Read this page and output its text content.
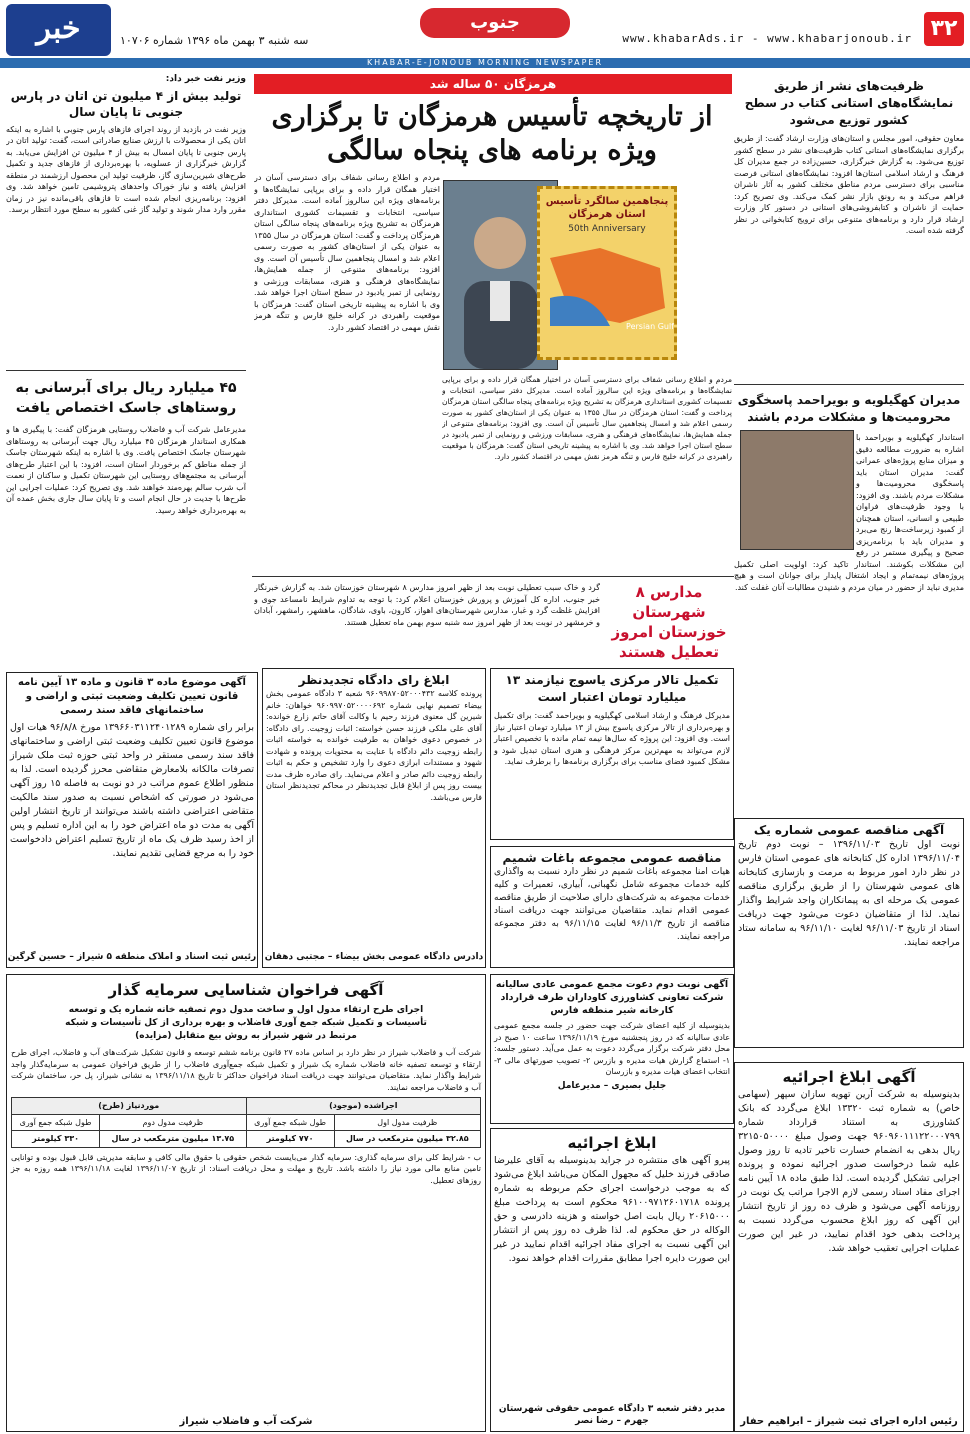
۳۲
www.khabarAds.ir - www.khabarjonoub.ir
جنوب
سه شنبه ۳ بهمن ماه ۱۳۹۶ شماره ۱۰۷۰۶
خبر
KHABAR-E-JONOUB MORNING NEWSPAPER
ظرفیت‌های نشر از طریق نمایشگاه‌های استانی کتاب در سطح کشور توزیع می‌شود

معاون حقوقی، امور مجلس و استان‌های وزارت ارشاد گفت: از طریق برگزاری نمایشگاه‌های استانی کتاب ظرفیت‌های نشر در سطح کشور توزیع می‌شود. به گزارش خبرگزاری، حسین‌زاده در جمع مدیران کل فرهنگ و ارشاد اسلامی استان‌ها افزود: نمایشگاه‌های استانی فرصت مناسبی برای دسترسی مردم مناطق مختلف کشور به آثار ناشران فراهم می‌کند و به رونق بازار نشر کمک می‌کند. وی تصریح کرد: حمایت از ناشران و کتابفروشی‌های استانی در دستور کار وزارت ارشاد قرار دارد و برنامه‌های متنوعی برای ترویج کتابخوانی در نظر گرفته شده است.

مدیران کهگیلویه و بویراحمد پاسخگوی محرومیت‌ها و مشکلات مردم باشند

استاندار کهگیلویه و بویراحمد با اشاره به ضرورت مطالعه دقیق و میزان منابع پروژه‌های عمرانی گفت: مدیران استان باید پاسخگوی محرومیت‌ها و مشکلات مردم باشند. وی افزود: با وجود ظرفیت‌های فراوان طبیعی و انسانی، استان همچنان از کمبود زیرساخت‌ها رنج می‌برد و مدیران باید با برنامه‌ریزی صحیح و پیگیری مستمر در رفع این مشکلات بکوشند. استاندار تاکید کرد: اولویت اصلی تکمیل پروژه‌های نیمه‌تمام و ایجاد اشتغال پایدار برای جوانان است و هیچ مدیری نباید از حضور در میان مردم و شنیدن مطالبات آنان غفلت کند.

آگهی مناقصه عمومی شماره یک

نوبت اول تاریخ ۱۳۹۶/۱۱/۰۳ – نوبت دوم تاریخ ۱۳۹۶/۱۱/۰۴ اداره کل کتابخانه های عمومی استان فارس در نظر دارد امور مربوط به مرمت و بازسازی کتابخانه های عمومی شهرستان را از طریق برگزاری مناقصه عمومی یک مرحله ای به پیمانکاران واجد شرایط واگذار نماید. لذا از متقاضیان دعوت می‌شود جهت دریافت اسناد از تاریخ ۹۶/۱۱/۰۳ لغایت ۹۶/۱۱/۱۰ به سامانه ستاد مراجعه نمایند.

آگهی ابلاغ اجرائیه

بدینوسیله به شرکت آرین تهویه سازان سپهر (سهامی خاص) به شماره ثبت ۱۳۳۲۰ ابلاغ می‌گردد که بانک کشاورزی به استناد قرارداد شماره ۹۶۰۹۶۰۱۱۱۲۲۰۰۰۷۹۹ جهت وصول مبلغ ۳۲۱۵۰۵۰۰۰۰ ریال بدهی به انضمام خسارت تاخیر تادیه تا روز وصول علیه شما درخواست صدور اجرائیه نموده و پرونده اجرایی تشکیل گردیده است. لذا طبق ماده ۱۸ آیین نامه اجرای مفاد اسناد رسمی لازم الاجرا مراتب یک نوبت در روزنامه آگهی می‌شود و ظرف ده روز از تاریخ انتشار این آگهی که روز ابلاغ محسوب می‌گردد نسبت به پرداخت بدهی خود اقدام نمایید، در غیر این صورت عملیات اجرایی تعقیب خواهد شد.

رئیس اداره اجرای ثبت شیراز – ابراهیم حفار
هرمزگان ۵۰ ساله شد
از تاریخچه تأسیس هرمزگان تا برگزاری ویژه برنامه های پنجاه سالگی

مردم و اطلاع رسانی شفاف برای دسترسی آسان در اختیار همگان قرار داده و برای برپایی نمایشگاه‌ها و برنامه‌های ویژه این سالروز آماده است. مدیرکل دفتر سیاسی، انتخابات و تقسیمات کشوری استانداری هرمزگان به تشریح ویژه برنامه‌های پنجاه سالگی استان هرمزگان پرداخت و گفت: استان هرمزگان در سال ۱۳۵۵ به عنوان یکی از استان‌های کشور به صورت رسمی اعلام شد و امسال پنجاهمین سال تأسیس آن است. وی افزود: برنامه‌های متنوعی از جمله همایش‌ها، نمایشگاه‌های فرهنگی و هنری، مسابقات ورزشی و رونمایی از تمبر یادبود در سطح استان اجرا خواهد شد. وی با اشاره به پیشینه تاریخی استان گفت: هرمزگان با موقعیت راهبردی در کرانه خلیج فارس و تنگه هرمز نقش مهمی در اقتصاد کشور دارد.

پنجاهمین سالگرد تأسیس استان هرمزگان
50th Anniversary
Persian Gulf

مردم و اطلاع رسانی شفاف برای دسترسی آسان در اختیار همگان قرار داده و برای برپایی نمایشگاه‌ها و برنامه‌های ویژه این سالروز آماده است. مدیرکل دفتر سیاسی، انتخابات و تقسیمات کشوری استانداری هرمزگان به تشریح ویژه برنامه‌های پنجاه سالگی استان هرمزگان پرداخت و گفت: استان هرمزگان در سال ۱۳۵۵ به عنوان یکی از استان‌های کشور به صورت رسمی اعلام شد و امسال پنجاهمین سال تأسیس آن است. وی افزود: برنامه‌های متنوعی از جمله همایش‌ها، نمایشگاه‌های فرهنگی و هنری، مسابقات ورزشی و رونمایی از تمبر یادبود در سطح استان اجرا خواهد شد. وی با اشاره به پیشینه تاریخی استان گفت: هرمزگان با موقعیت راهبردی در کرانه خلیج فارس و تنگه هرمز نقش مهمی در اقتصاد کشور دارد.

مدارس ۸ شهرستان خوزستان امروز تعطیل هستند

گرد و خاک سبب تعطیلی نوبت بعد از ظهر امروز مدارس ۸ شهرستان خوزستان شد. به گزارش خبرنگار خبر جنوب، اداره کل آموزش و پرورش خوزستان اعلام کرد: با توجه به تداوم شرایط نامساعد جوی و افزایش غلظت گرد و غبار، مدارس شهرستان‌های اهواز، کارون، باوی، شادگان، ماهشهر، رامشهر، آبادان و خرمشهر در نوبت بعد از ظهر امروز سه شنبه سوم بهمن ماه تعطیل هستند.

تکمیل تالار مرکزی یاسوج نیازمند ۱۳ میلیارد تومان اعتبار است

مدیرکل فرهنگ و ارشاد اسلامی کهگیلویه و بویراحمد گفت: برای تکمیل و بهره‌برداری از تالار مرکزی یاسوج بیش از ۱۳ میلیارد تومان اعتبار نیاز است. وی افزود: این پروژه که سال‌ها نیمه تمام مانده با تخصیص اعتبار لازم می‌تواند به مهم‌ترین مرکز فرهنگی و هنری استان تبدیل شود و مشکل کمبود فضای مناسب برای برگزاری برنامه‌ها را برطرف نماید.

مناقصه عمومی مجموعه باغات شمیم

هیات امنا مجموعه باغات شمیم در نظر دارد نسبت به واگذاری کلیه خدمات مجموعه شامل نگهبانی، آبیاری، تعمیرات و کلیه خدمات مجموعه به شرکت‌های دارای صلاحیت از طریق مناقصه عمومی اقدام نماید. متقاضیان می‌توانند جهت دریافت اسناد مناقصه از تاریخ ۹۶/۱۱/۳ لغایت ۹۶/۱۱/۱۵ به دفتر مجموعه مراجعه نمایند.

آگهی نوبت دوم دعوت مجمع عمومی عادی سالیانه شرکت تعاونی کشاورزی کاوداران طرف قرارداد کارخانه شیر منطقه فارس

بدینوسیله از کلیه اعضای شرکت جهت حضور در جلسه مجمع عمومی عادی سالیانه که در روز پنجشنبه مورخ ۱۳۹۶/۱۱/۱۹ ساعت ۱۰ صبح در محل دفتر شرکت برگزار می‌گردد دعوت به عمل می‌آید. دستور جلسه: ۱- استماع گزارش هیات مدیره و بازرس ۲- تصویب صورتهای مالی ۳- انتخاب اعضای هیات مدیره و بازرسان

جلیل بصیری – مدیرعامل
ابلاغ اجرائیه

پیرو آگهی های منتشره در جراید بدینوسیله به آقای علیرضا صادقی فرزند خلیل که مجهول المکان می‌باشد ابلاغ می‌شود که به موجب درخواست اجرای حکم مربوطه به شماره پرونده ۹۶۱۰۰۹۷۱۲۶۰۱۷۱۸ محکوم است به پرداخت مبلغ ۲۰۶۱۵۰۰۰ ریال بابت اصل خواسته و هزینه دادرسی و حق الوکاله در حق محکوم له. لذا ظرف ده روز پس از انتشار این آگهی نسبت به اجرای مفاد اجرائیه اقدام نمایید در غیر این صورت دایره اجرا مطابق مقررات اقدام خواهد نمود.

مدیر دفتر شعبه ۳ دادگاه عمومی حقوقی شهرستان جهرم – رضا نصر
ابلاغ رای دادگاه تجدیدنظر

پرونده کلاسه ۹۶۰۹۹۸۷۰۵۲۰۰۰۴۳۲ شعبه ۳ دادگاه عمومی بخش بیضاء تصمیم نهایی شماره ۹۶۰۹۹۷۰۵۲۰۰۰۰۶۹۲ خواهان: خانم شیرین گل معنوی فرزند رحیم با وکالت آقای حاتم زارع خوانده: آقای علی ملکی فرزند حسن خواسته: اثبات زوجیت. رای دادگاه: در خصوص دعوی خواهان به طرفیت خوانده به خواسته اثبات رابطه زوجیت دائم دادگاه با عنایت به محتویات پرونده و شهادت شهود و مستندات ابرازی دعوی را وارد تشخیص و حکم به اثبات رابطه زوجیت دائم صادر و اعلام می‌نماید. رای صادره ظرف مدت بیست روز پس از ابلاغ قابل تجدیدنظر در محاکم تجدیدنظر استان فارس می‌باشد.

دادرس دادگاه عمومی بخش بیضاء – مجتبی دهقان
وزیر نفت خبر داد:
تولید بیش از ۴ میلیون تن اتان در پارس جنوبی تا پایان سال

وزیر نفت در بازدید از روند اجرای فازهای پارس جنوبی با اشاره به اینکه اتان یکی از محصولات با ارزش صنایع صادراتی است، گفت: تولید اتان در پارس جنوبی تا پایان امسال به بیش از ۴ میلیون تن افزایش می‌یابد. به گزارش خبرگزاری از عسلویه، با بهره‌برداری از فازهای جدید و تکمیل طرح‌های شیرین‌سازی گاز، ظرفیت تولید این محصول ارزشمند در منطقه افزایش یافته و نیاز خوراک واحدهای پتروشیمی تامین خواهد شد. وی افزود: برنامه‌ریزی انجام شده است تا فازهای باقی‌مانده نیز در زمان مقرر وارد مدار شوند و تولید گاز غنی کشور به سطح مورد انتظار برسد.

۴۵ میلیارد ریال برای آبرسانی به روستاهای جاسک اختصاص یافت

مدیرعامل شرکت آب و فاضلاب روستایی هرمزگان گفت: با پیگیری ها و همکاری استاندار هرمزگان ۴۵ میلیارد ریال جهت آبرسانی به روستاهای شهرستان جاسک اختصاص یافت. وی با اشاره به اینکه شهرستان جاسک از جمله مناطق کم برخوردار استان است، افزود: با این اعتبار طرح‌های آبرسانی به مجتمع‌های روستایی این شهرستان تکمیل و ساکنان از نعمت آب شرب سالم بهره‌مند خواهند شد. وی تصریح کرد: عملیات اجرایی این طرح‌ها با جدیت در حال انجام است و تا پایان سال جاری بخش عمده آن به بهره‌برداری خواهد رسید.

آگهی موضوع ماده ۳ قانون و ماده ۱۳ آیین نامه قانون تعیین تکلیف وضعیت ثبتی و اراضی و ساختمانهای فاقد سند رسمی

برابر رای شماره ۱۳۹۶۶۰۳۱۱۲۴۰۱۲۸۹ مورخ ۹۶/۸/۸ هیات اول موضوع قانون تعیین تکلیف وضعیت ثبتی اراضی و ساختمانهای فاقد سند رسمی مستقر در واحد ثبتی حوزه ثبت ملک شیراز تصرفات مالکانه بلامعارض متقاضی محرز گردیده است. لذا به منظور اطلاع عموم مراتب در دو نوبت به فاصله ۱۵ روز آگهی می‌شود در صورتی که اشخاص نسبت به صدور سند مالکیت متقاضی اعتراضی داشته باشند می‌توانند از تاریخ انتشار اولین آگهی به مدت دو ماه اعتراض خود را به این اداره تسلیم و پس از اخذ رسید ظرف یک ماه از تاریخ تسلیم اعتراض دادخواست خود را به مرجع قضایی تقدیم نمایند.

رئیس ثبت اسناد و املاک منطقه ۵ شیراز – حسین گرگین
آگهی فراخوان شناسایی سرمایه گذار
اجرای طرح ارتقاء مدول اول و ساخت مدول دوم تصفیه خانه شماره یک و توسعه تأسیسات و تکمیل شبکه جمع آوری فاضلاب و بهره برداری از کل تأسیسات و شبکه مرتبط در شهر شیراز به روش بیع متقابل (مزایده)

شرکت آب و فاضلاب شیراز در نظر دارد بر اساس ماده ۲۷ قانون برنامه ششم توسعه و قانون تشکیل شرکت‌های آب و فاضلاب، اجرای طرح ارتقاء و توسعه تصفیه خانه فاضلاب شماره یک شیراز و تکمیل شبکه جمع‌آوری فاضلاب را از طریق فراخوان عمومی به سرمایه‌گذار واجد شرایط واگذار نماید. متقاضیان می‌توانند جهت دریافت اسناد فراخوان حداکثر تا تاریخ ۱۳۹۶/۱۱/۱۸ به نشانی شیراز، پل حر، ساختمان شرکت آب و فاضلاب مراجعه نمایند.

اجراشده (موجود)		موردنیاز (طرح)	
ظرفیت مدول اول	طول شبکه جمع آوری	ظرفیت مدول دوم	طول شبکه جمع آوری
۳۲.۸۵ میلیون مترمکعب در سال	۷۷۰ کیلومتر	۱۳.۷۵ میلیون مترمکعب در سال	۳۳۰ کیلومتر

ب - شرایط کلی برای سرمایه گذاری: سرمایه گذار می‌بایست شخص حقوقی با حقوق مالی کافی و سابقه مدیریتی قابل قبول بوده و توانایی تامین منابع مالی مورد نیاز را داشته باشد. تاریخ و مهلت و محل دریافت اسناد: از تاریخ ۱۳۹۶/۱۱/۰۷ لغایت ۱۳۹۶/۱۱/۱۸ همه روزه به جز روزهای تعطیل.

شرکت آب و فاضلاب شیراز
